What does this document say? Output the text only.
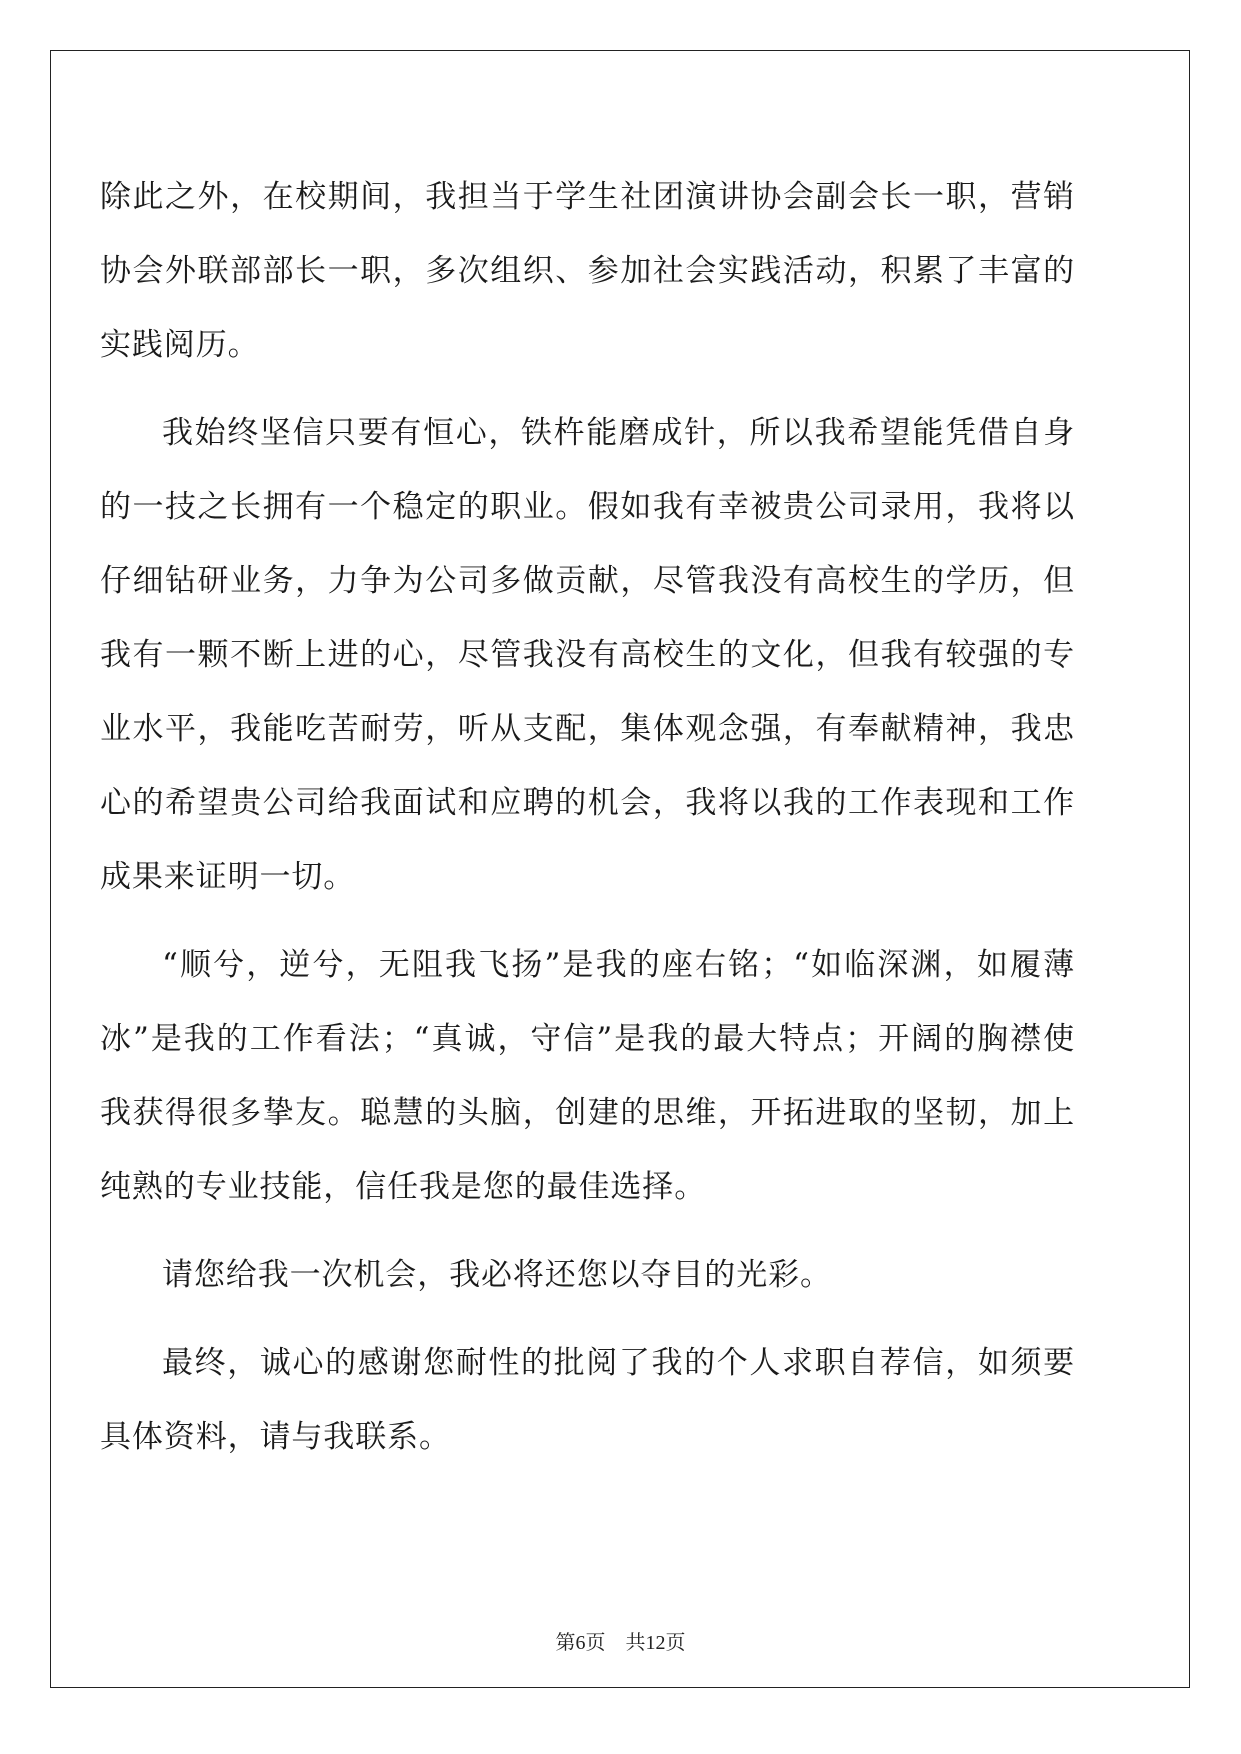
除此之外，在校期间，我担当于学生社团演讲协会副会长一职，营销协会外联部部长一职，多次组织、参加社会实践活动，积累了丰富的实践阅历。

我始终坚信只要有恒心，铁杵能磨成针，所以我希望能凭借自身的一技之长拥有一个稳定的职业。假如我有幸被贵公司录用，我将以仔细钻研业务，力争为公司多做贡献，尽管我没有高校生的学历，但我有一颗不断上进的心，尽管我没有高校生的文化，但我有较强的专业水平，我能吃苦耐劳，听从支配，集体观念强，有奉献精神，我忠心的希望贵公司给我面试和应聘的机会，我将以我的工作表现和工作成果来证明一切。

“顺兮，逆兮，无阻我飞扬”是我的座右铭；“如临深渊，如履薄冰”是我的工作看法；“真诚，守信”是我的最大特点；开阔的胸襟使我获得很多挚友。聪慧的头脑，创建的思维，开拓进取的坚韧，加上纯熟的专业技能，信任我是您的最佳选择。

请您给我一次机会，我必将还您以夺目的光彩。

最终，诚心的感谢您耐性的批阅了我的个人求职自荐信，如须要具体资料，请与我联系。

第6页　共12页
